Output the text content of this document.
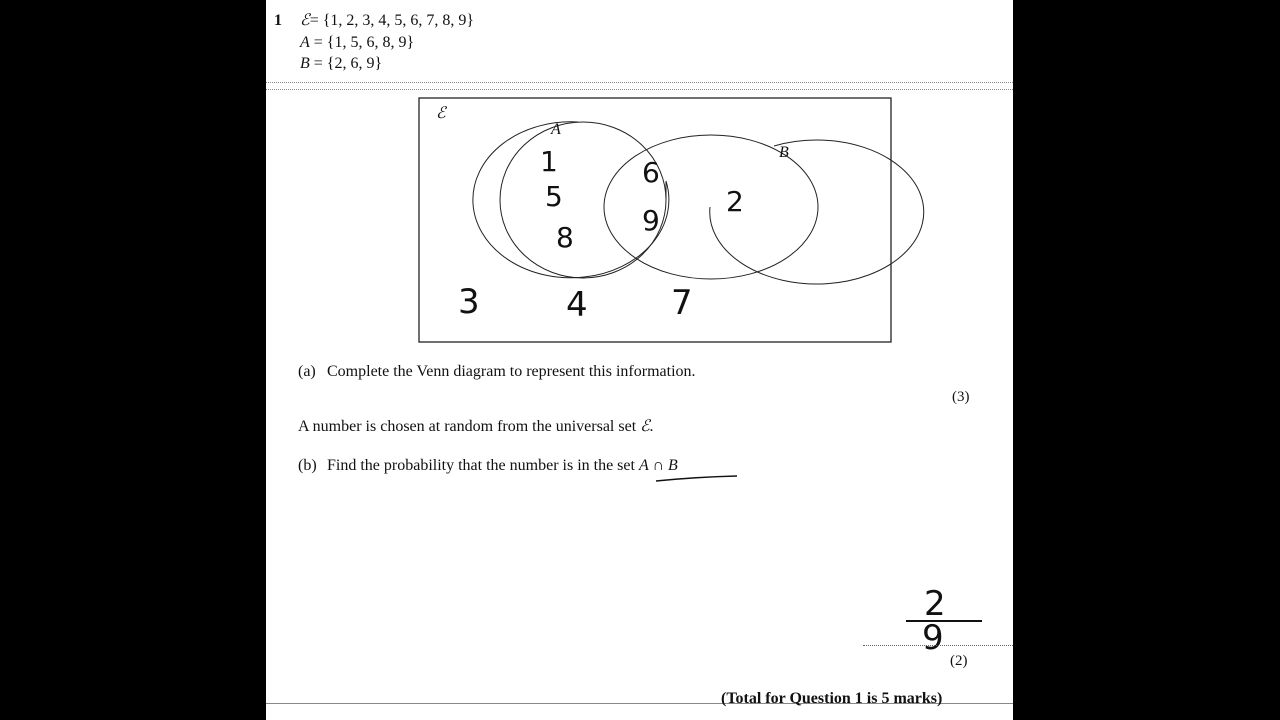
1 ℰ= {1, 2, 3, 4, 5, 6, 7, 8, 9}
A = {1, 5, 6, 8, 9}
B = {2, 6, 9}
ℰ
A
B
1
5
8
6
9
2
3	4 7
(a) Complete the Venn diagram to represent this information.
(3)
A number is chosen at random from the universal set ℰ.
(b) Find the probability that the number is in the set A ∩ B
2
9
(2)
(Total for Question 1 is 5 marks)
